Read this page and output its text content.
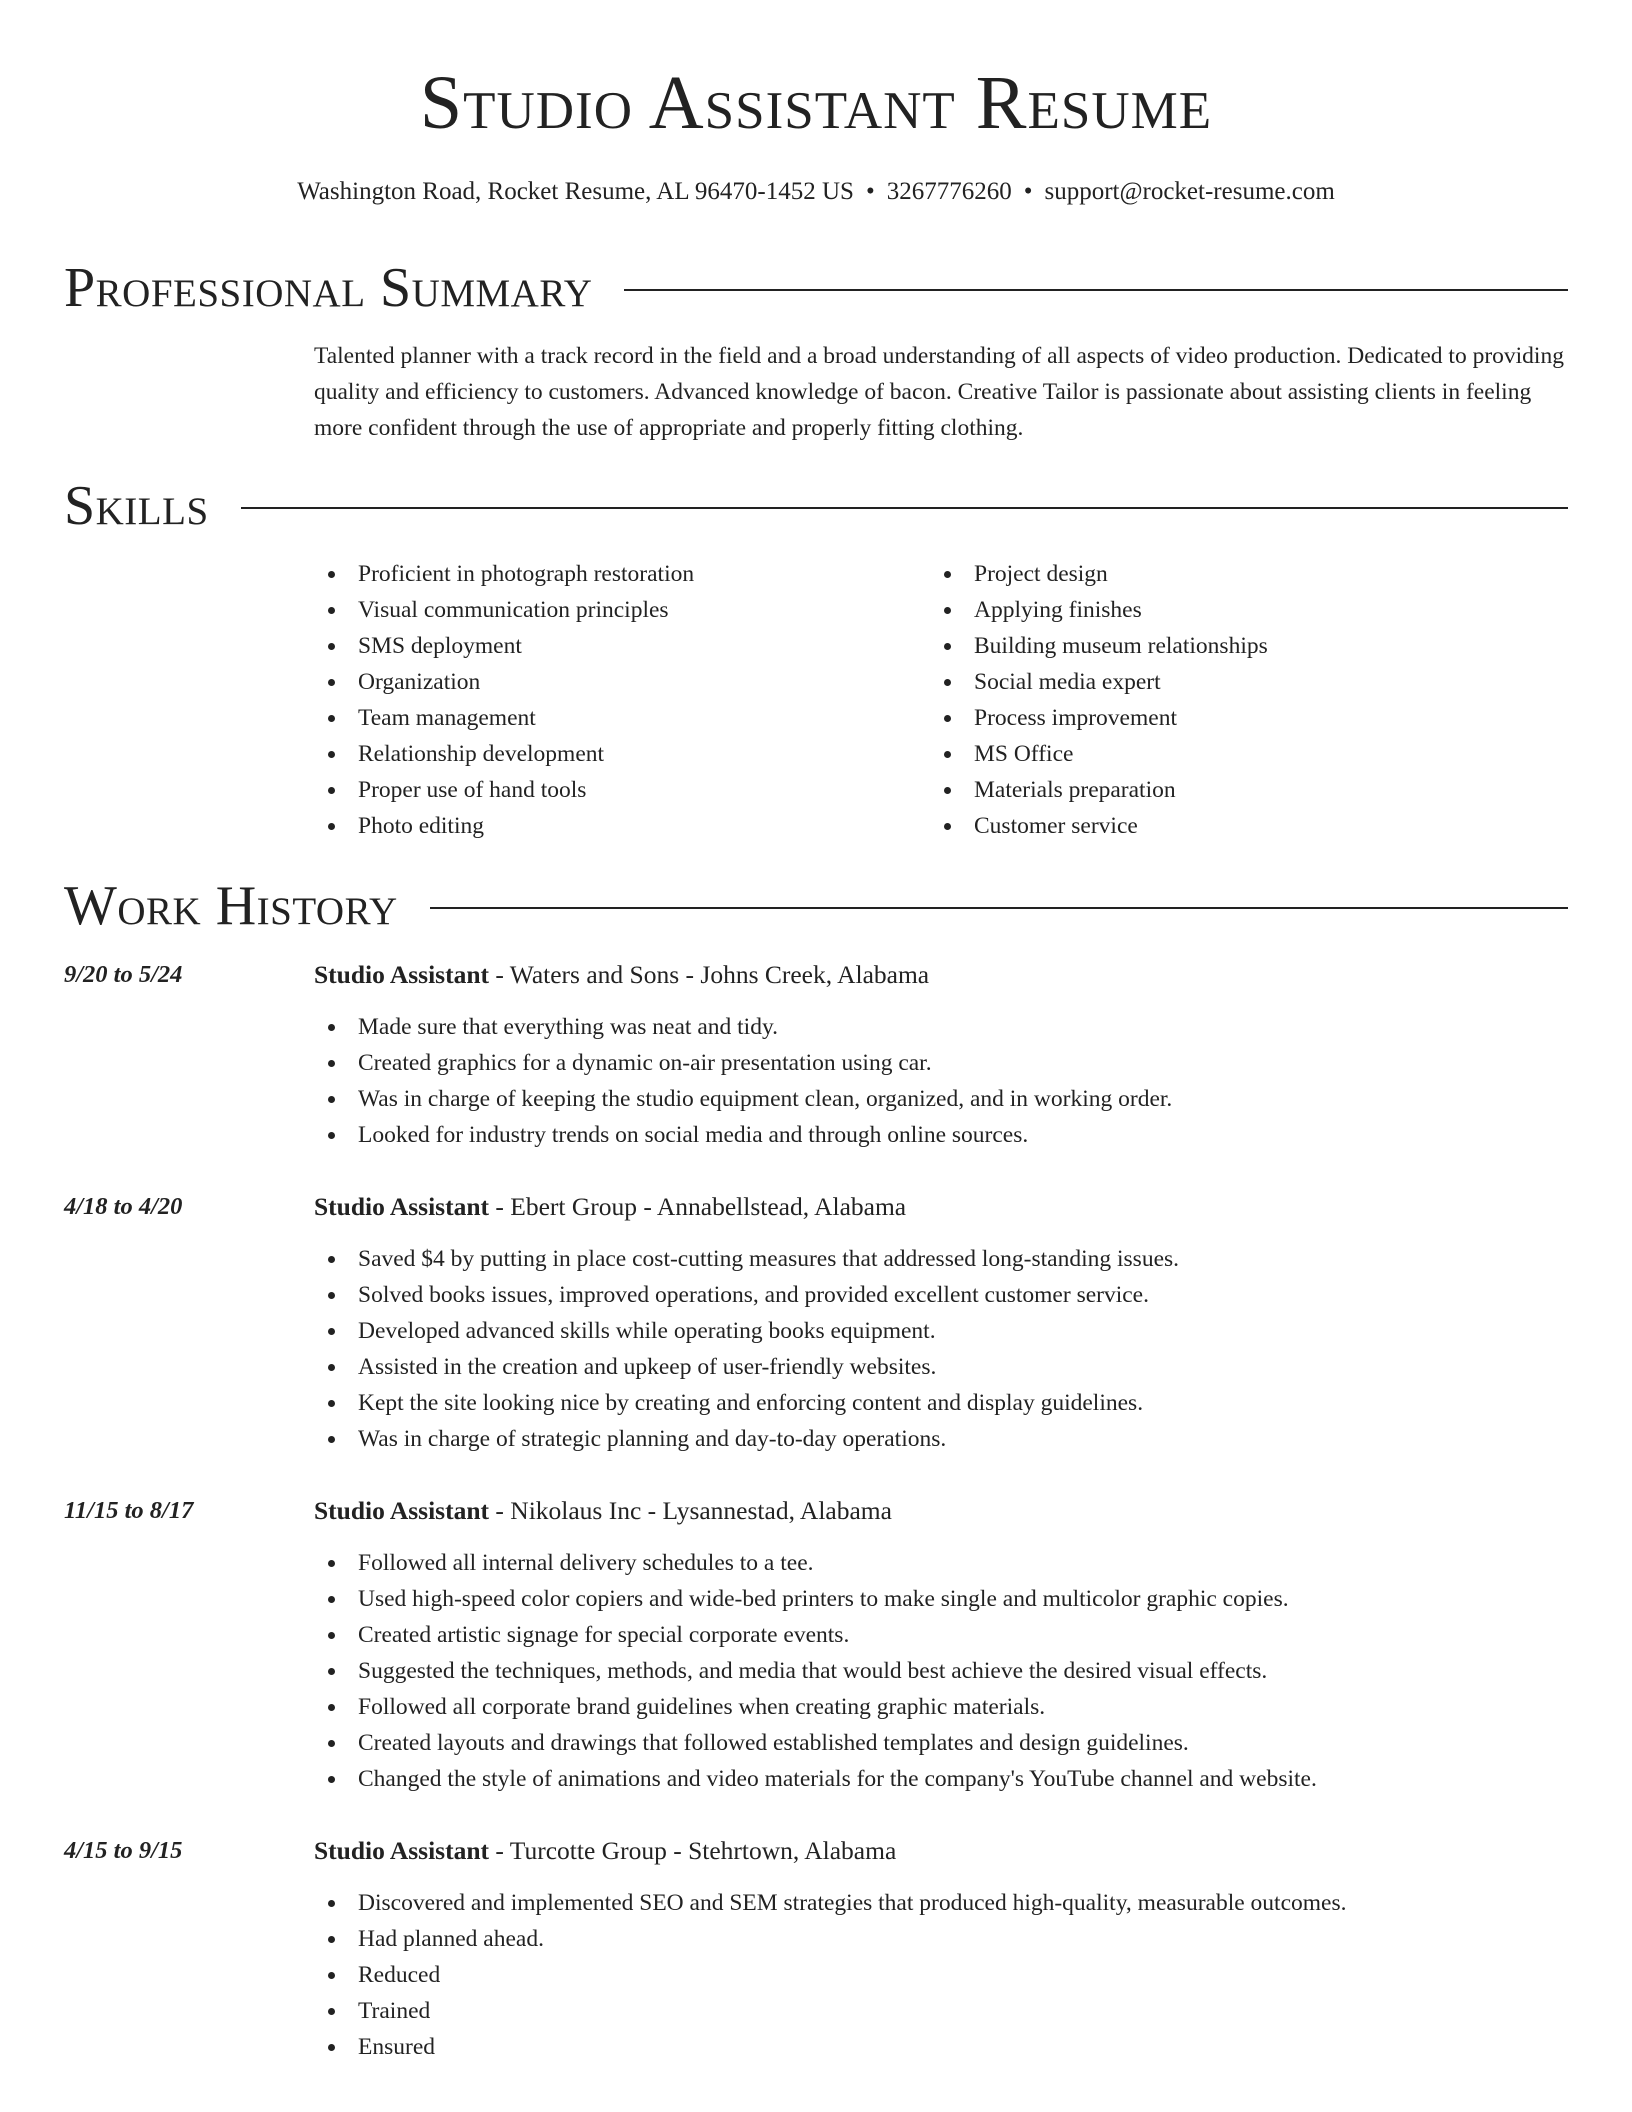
Studio Assistant Resume
Washington Road, Rocket Resume, AL 96470-1452 US • 3267776260 • support@rocket-resume.com
Professional Summary
Talented planner with a track record in the field and a broad understanding of all aspects of video production. Dedicated to providing quality and efficiency to customers. Advanced knowledge of bacon. Creative Tailor is passionate about assisting clients in feeling more confident through the use of appropriate and properly fitting clothing.
Skills
Proficient in photograph restoration
Visual communication principles
SMS deployment
Organization
Team management
Relationship development
Proper use of hand tools
Photo editing
Project design
Applying finishes
Building museum relationships
Social media expert
Process improvement
MS Office
Materials preparation
Customer service
Work History
9/20 to 5/24	Studio Assistant - Waters and Sons - Johns Creek, Alabama
Made sure that everything was neat and tidy.
Created graphics for a dynamic on-air presentation using car.
Was in charge of keeping the studio equipment clean, organized, and in working order.
Looked for industry trends on social media and through online sources.
4/18 to 4/20	Studio Assistant - Ebert Group - Annabellstead, Alabama
Saved $4 by putting in place cost-cutting measures that addressed long-standing issues.
Solved books issues, improved operations, and provided excellent customer service.
Developed advanced skills while operating books equipment.
Assisted in the creation and upkeep of user-friendly websites.
Kept the site looking nice by creating and enforcing content and display guidelines.
Was in charge of strategic planning and day-to-day operations.
11/15 to 8/17	Studio Assistant - Nikolaus Inc - Lysannestad, Alabama
Followed all internal delivery schedules to a tee.
Used high-speed color copiers and wide-bed printers to make single and multicolor graphic copies.
Created artistic signage for special corporate events.
Suggested the techniques, methods, and media that would best achieve the desired visual effects.
Followed all corporate brand guidelines when creating graphic materials.
Created layouts and drawings that followed established templates and design guidelines.
Changed the style of animations and video materials for the company's YouTube channel and website.
4/15 to 9/15	Studio Assistant - Turcotte Group - Stehrtown, Alabama
Discovered and implemented SEO and SEM strategies that produced high-quality, measurable outcomes.
Had planned ahead.
Reduced
Trained
Ensured
